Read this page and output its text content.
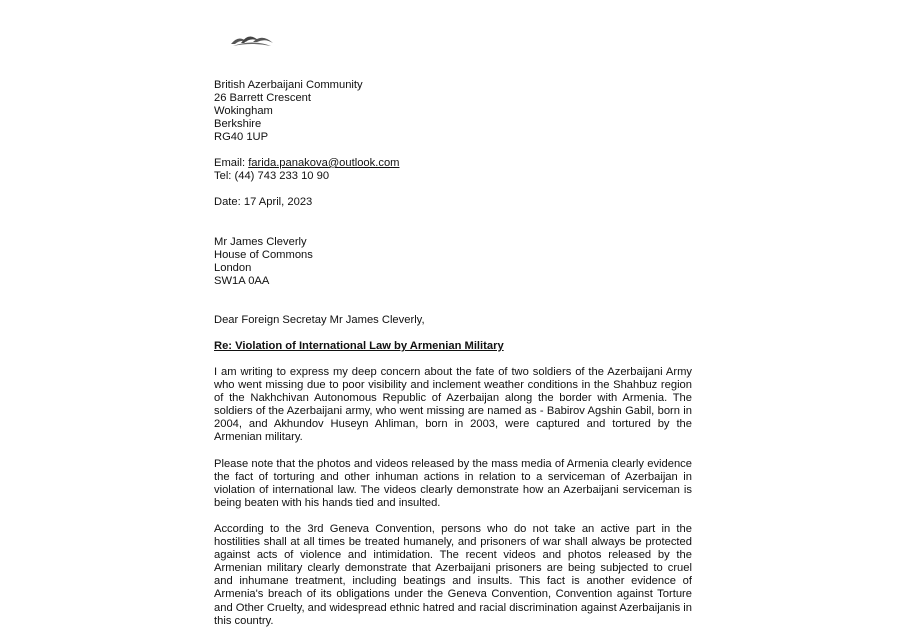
British Azerbaijani Community
26 Barrett Crescent
Wokingham
Berkshire
RG40 1UP
Email: farida.panakova@outlook.com
Tel: (44) 743 233 10 90
Date: 17 April, 2023
Mr James Cleverly
House of Commons
London
SW1A 0AA
Dear Foreign Secretay Mr James Cleverly,
Re: Violation of International Law by Armenian Military

I am writing to express my deep concern about the fate of two soldiers of the Azerbaijani Army who went missing due to poor visibility and inclement weather conditions in the Shahbuz region of the Nakhchivan Autonomous Republic of Azerbaijan along the border with Armenia. The soldiers of the Azerbaijani army, who went missing are named as - Babirov Agshin Gabil, born in 2004, and Akhundov Huseyn Ahliman, born in 2003, were captured and tortured by the Armenian military.

Please note that the photos and videos released by the mass media of Armenia clearly evidence the fact of torturing and other inhuman actions in relation to a serviceman of Azerbaijan in violation of international law. The videos clearly demonstrate how an Azerbaijani serviceman is being beaten with his hands tied and insulted.

According to the 3rd Geneva Convention, persons who do not take an active part in the hostilities shall at all times be treated humanely, and prisoners of war shall always be protected against acts of violence and intimidation. The recent videos and photos released by the Armenian military clearly demonstrate that Azerbaijani prisoners are being subjected to cruel and inhumane treatment, including beatings and insults. This fact is another evidence of Armenia's breach of its obligations under the Geneva Convention, Convention against Torture and Other Cruelty, and widespread ethnic hatred and racial discrimination against Azerbaijanis in this country.
